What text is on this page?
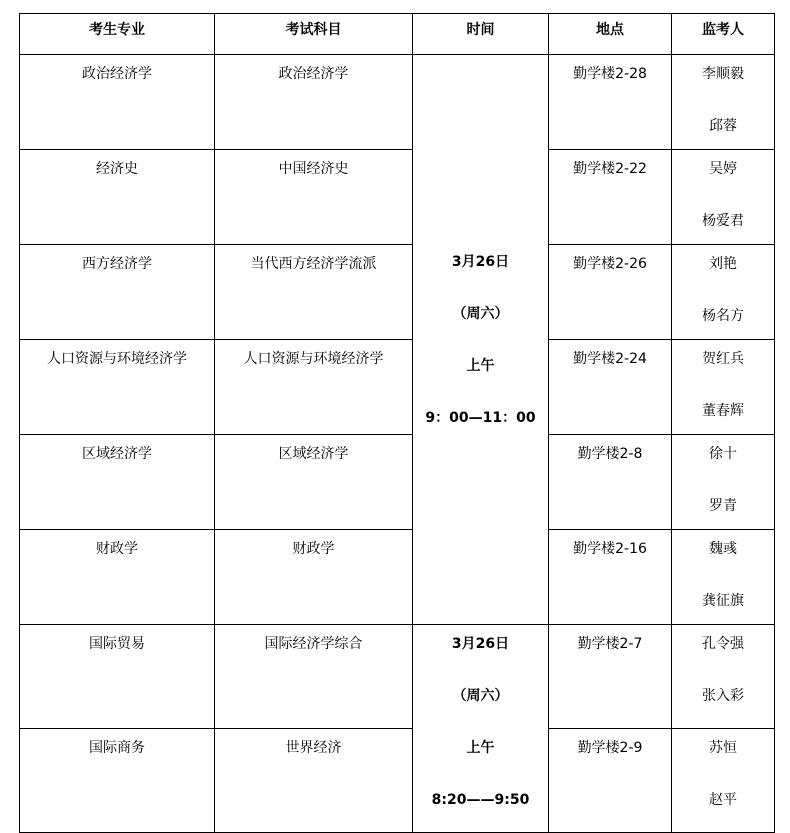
考生专业	考试科目	时间	地点	监考人
政治经济学	政治经济学	3月26日
（周六）
上午
9：00—11：00	勤学楼2-28	李顺毅
邱蓉

经济史	中国经济史		勤学楼2-22	吴婷
杨爱君

西方经济学	当代西方经济学流派		勤学楼2-26	刘艳
杨名方

人口资源与环境经济学	人口资源与环境经济学		勤学楼2-24	贺红兵
董春辉

区域经济学	区域经济学		勤学楼2-8	徐十
罗青

财政学	财政学		勤学楼2-16	魏彧
龚征旗

国际贸易	国际经济学综合	3月26日
（周六）
上午
8:20——9:50	勤学楼2-7	孔令强
张入彩

国际商务	世界经济		勤学楼2-9	苏恒
赵平
